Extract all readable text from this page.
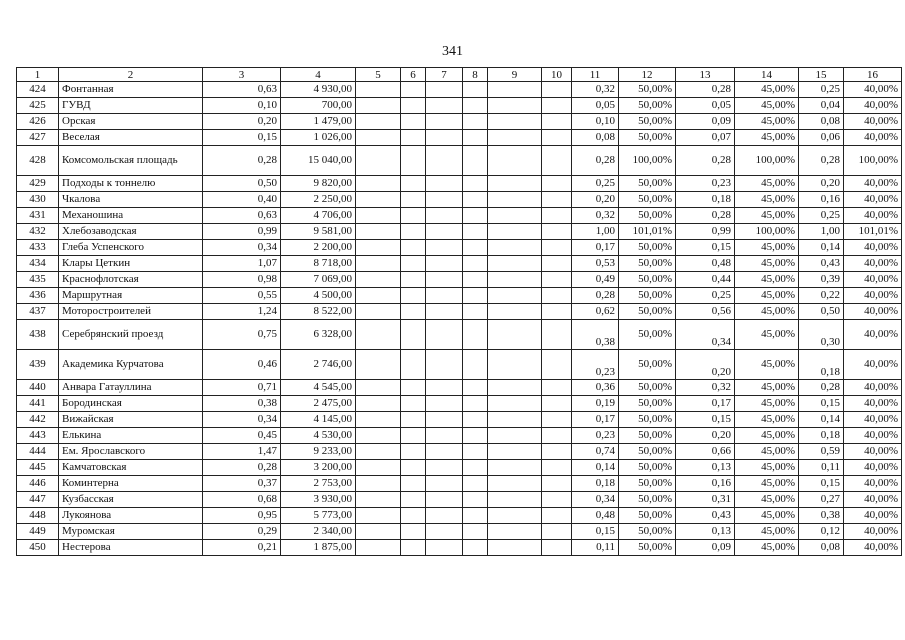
341
1	2	3	4	5	6	7	8	9	10	11	12	13	14	15	16
424	Фонтанная	0,63	4 930,00							0,32	50,00%	0,28	45,00%	0,25	40,00%
425	ГУВД	0,10	700,00							0,05	50,00%	0,05	45,00%	0,04	40,00%
426	Орская	0,20	1 479,00							0,10	50,00%	0,09	45,00%	0,08	40,00%
427	Веселая	0,15	1 026,00							0,08	50,00%	0,07	45,00%	0,06	40,00%
428	Комсомольская площадь	0,28	15 040,00							0,28	100,00%	0,28	100,00%	0,28	100,00%
429	Подходы к тоннелю	0,50	9 820,00							0,25	50,00%	0,23	45,00%	0,20	40,00%
430	Чкалова	0,40	2 250,00							0,20	50,00%	0,18	45,00%	0,16	40,00%
431	Механошина	0,63	4 706,00							0,32	50,00%	0,28	45,00%	0,25	40,00%
432	Хлебозаводская	0,99	9 581,00							1,00	101,01%	0,99	100,00%	1,00	101,01%
433	Глеба Успенского	0,34	2 200,00							0,17	50,00%	0,15	45,00%	0,14	40,00%
434	Клары Цеткин	1,07	8 718,00							0,53	50,00%	0,48	45,00%	0,43	40,00%
435	Краснофлотская	0,98	7 069,00							0,49	50,00%	0,44	45,00%	0,39	40,00%
436	Маршрутная	0,55	4 500,00							0,28	50,00%	0,25	45,00%	0,22	40,00%
437	Моторостроителей	1,24	8 522,00							0,62	50,00%	0,56	45,00%	0,50	40,00%
438	Серебрянский проезд	0,75	6 328,00							0,38	50,00%	0,34	45,00%	0,30	40,00%
439	Академика Курчатова	0,46	2 746,00							0,23	50,00%	0,20	45,00%	0,18	40,00%
440	Анвара Гатауллина	0,71	4 545,00							0,36	50,00%	0,32	45,00%	0,28	40,00%
441	Бородинская	0,38	2 475,00							0,19	50,00%	0,17	45,00%	0,15	40,00%
442	Вижайская	0,34	4 145,00							0,17	50,00%	0,15	45,00%	0,14	40,00%
443	Елькина	0,45	4 530,00							0,23	50,00%	0,20	45,00%	0,18	40,00%
444	Ем. Ярославского	1,47	9 233,00							0,74	50,00%	0,66	45,00%	0,59	40,00%
445	Камчатовская	0,28	3 200,00							0,14	50,00%	0,13	45,00%	0,11	40,00%
446	Коминтерна	0,37	2 753,00							0,18	50,00%	0,16	45,00%	0,15	40,00%
447	Кузбасская	0,68	3 930,00							0,34	50,00%	0,31	45,00%	0,27	40,00%
448	Лукоянова	0,95	5 773,00							0,48	50,00%	0,43	45,00%	0,38	40,00%
449	Муромская	0,29	2 340,00							0,15	50,00%	0,13	45,00%	0,12	40,00%
450	Нестерова	0,21	1 875,00							0,11	50,00%	0,09	45,00%	0,08	40,00%
